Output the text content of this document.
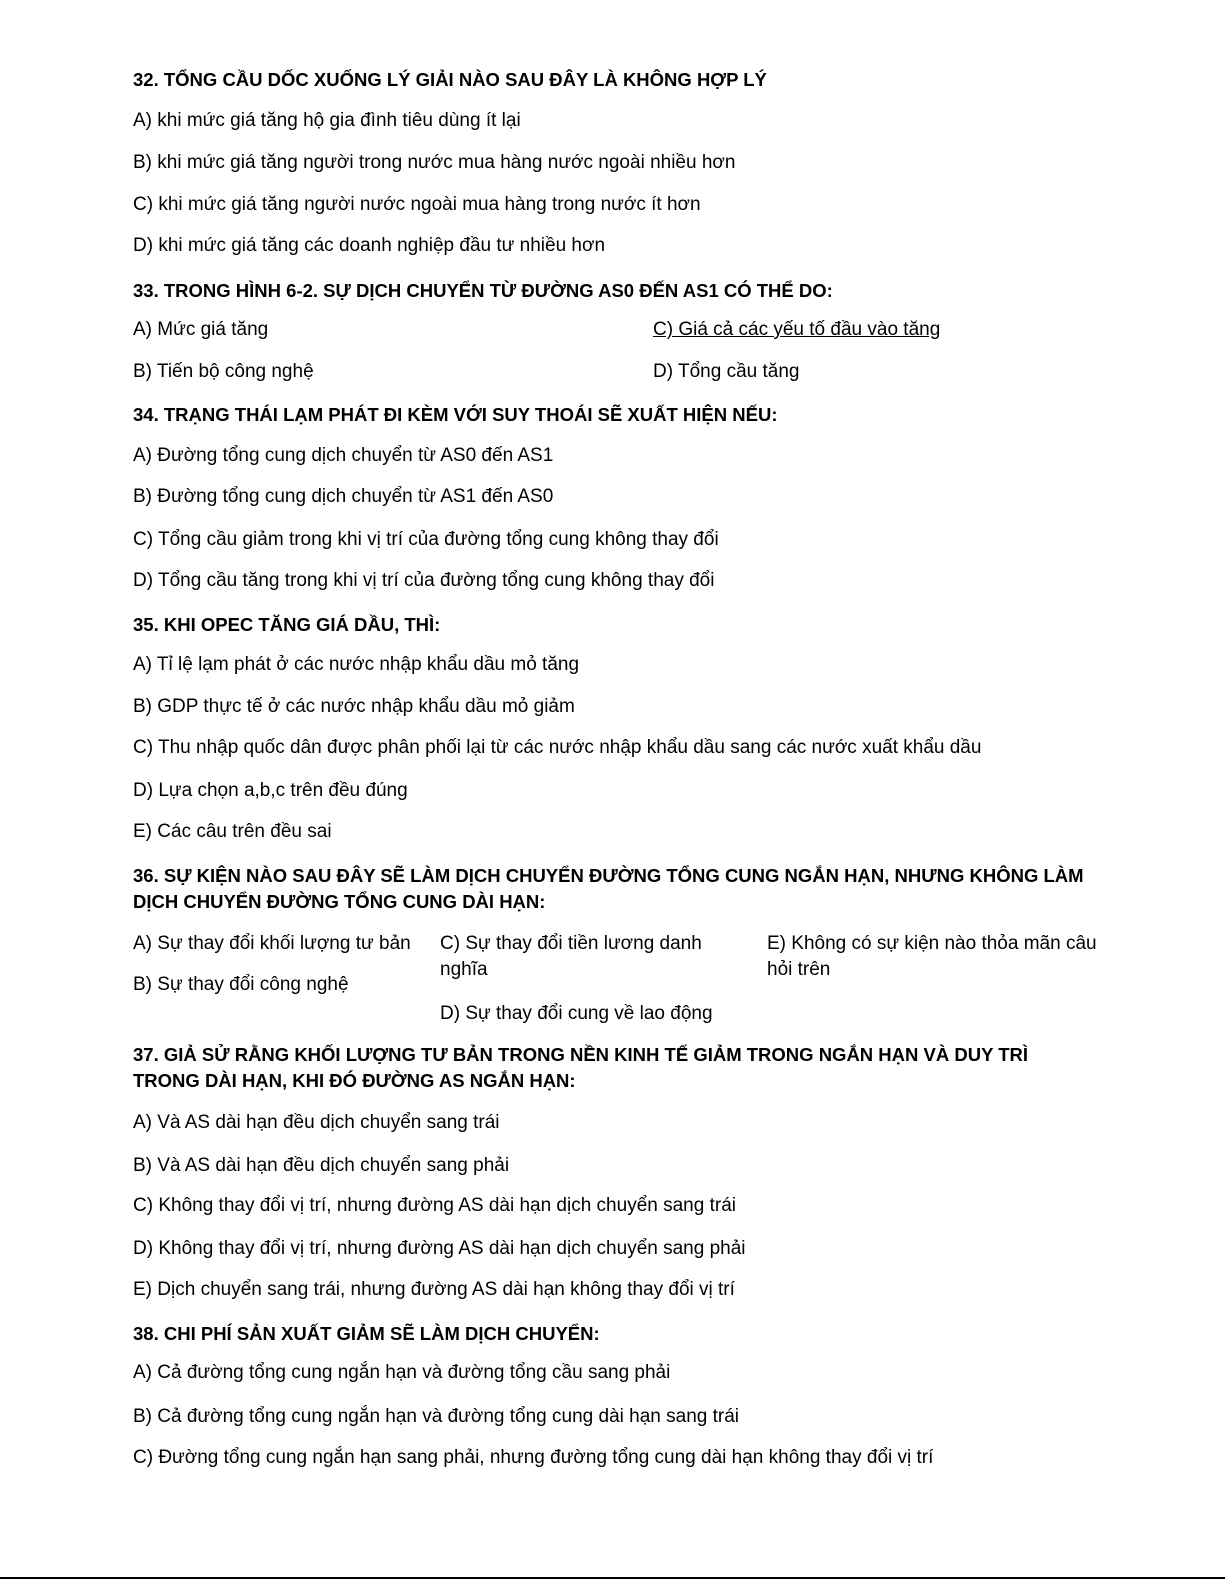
32. TỔNG CẦU DỐC XUỐNG LÝ GIẢI NÀO SAU ĐÂY LÀ KHÔNG HỢP LÝ
A) khi mức giá tăng hộ gia đình tiêu dùng ít lại
B) khi mức giá tăng người trong nước mua hàng nước ngoài nhiều hơn
C) khi mức giá tăng người nước ngoài mua hàng trong nước ít hơn
D) khi mức giá tăng các doanh nghiệp đầu tư nhiều hơn
33. TRONG HÌNH 6-2. SỰ DỊCH CHUYỂN TỪ ĐƯỜNG AS0 ĐẾN AS1 CÓ THỂ DO:
A) Mức giá tăng	C) Giá cả các yếu tố đầu vào tăng
B) Tiến bộ công nghệ	D) Tổng cầu tăng
34. TRẠNG THÁI LẠM PHÁT ĐI KÈM VỚI SUY THOÁI SẼ XUẤT HIỆN NẾU:
A) Đường tổng cung dịch chuyển từ AS0 đến AS1
B) Đường tổng cung dịch chuyển từ AS1 đến AS0
C) Tổng cầu giảm trong khi vị trí của đường tổng cung không thay đổi
D) Tổng cầu tăng trong khi vị trí của đường tổng cung không thay đổi
35. KHI OPEC TĂNG GIÁ DẦU, THÌ:
A) Tỉ lệ lạm phát ở các nước nhập khẩu dầu mỏ tăng
B) GDP thực tế ở các nước nhập khẩu dầu mỏ giảm
C) Thu nhập quốc dân được phân phối lại từ các nước nhập khẩu dầu sang các nước xuất khẩu dầu
D) Lựa chọn a,b,c trên đều đúng
E) Các câu trên đều sai
36. SỰ KIỆN NÀO SAU ĐÂY SẼ LÀM DỊCH CHUYỂN ĐƯỜNG TỔNG CUNG NGẮN HẠN, NHƯNG KHÔNG LÀM DỊCH CHUYỂN ĐƯỜNG TỔNG CUNG DÀI HẠN:
A) Sự thay đổi khối lượng tư bản
B) Sự thay đổi công nghệ
C) Sự thay đổi tiền lương danh nghĩa
D) Sự thay đổi cung về lao động
E) Không có sự kiện nào thỏa mãn câu hỏi trên
37. GIẢ SỬ RẰNG KHỐI LƯỢNG TƯ BẢN TRONG NỀN KINH TẾ GIẢM TRONG NGẮN HẠN VÀ DUY TRÌ TRONG DÀI HẠN, KHI ĐÓ ĐƯỜNG AS NGẮN HẠN:
A) Và AS dài hạn đều dịch chuyển sang trái
B) Và AS dài hạn đều dịch chuyển sang phải
C) Không thay đổi vị trí, nhưng đường AS dài hạn dịch chuyển sang trái
D) Không thay đổi vị trí, nhưng đường AS dài hạn dịch chuyển sang phải
E) Dịch chuyển sang trái, nhưng đường AS dài hạn không thay đổi vị trí
38. CHI PHÍ SẢN XUẤT GIẢM SẼ LÀM DỊCH CHUYỂN:
A) Cả đường tổng cung ngắn hạn và đường tổng cầu sang phải
B) Cả đường tổng cung ngắn hạn và đường tổng cung dài hạn sang trái
C) Đường tổng cung ngắn hạn sang phải, nhưng đường tổng cung dài hạn không thay đổi vị trí
